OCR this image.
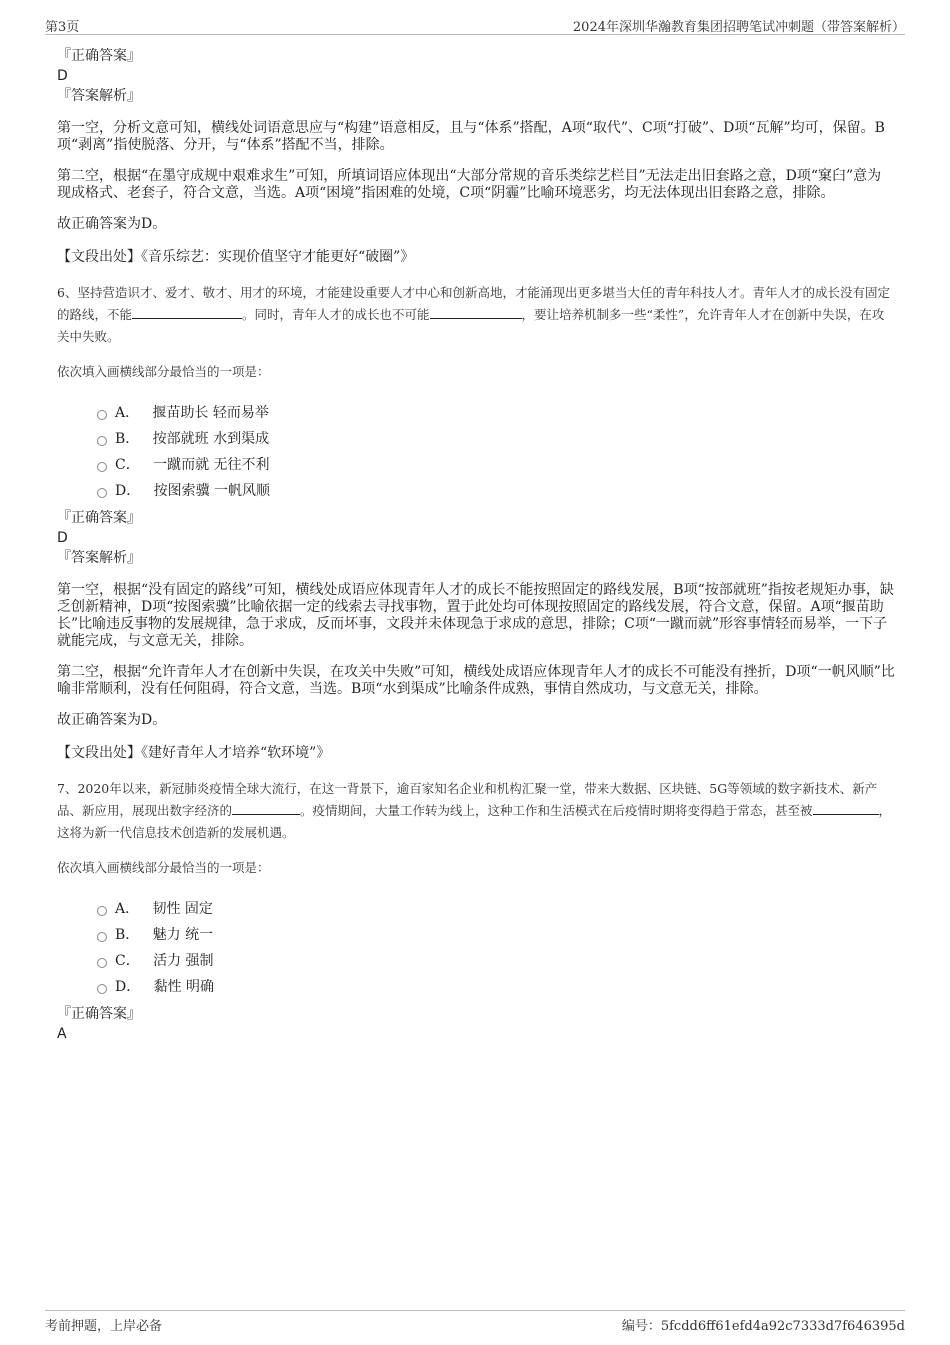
第3页	2024年深圳华瀚教育集团招聘笔试冲刺题（带答案解析）
『正确答案』
D
『答案解析』

第一空，分析文意可知，横线处词语意思应与“构建”语意相反，且与“体系”搭配，A项“取代”、C项“打破”、D项“瓦解”均可，保留。B项“剥离”指使脱落、分开，与“体系”搭配不当，排除。

第二空，根据“在墨守成规中艰难求生”可知，所填词语应体现出“大部分常规的音乐类综艺栏目”无法走出旧套路之意，D项“窠臼”意为现成格式、老套子，符合文意，当选。A项“困境”指困难的处境，C项“阴霾”比喻环境恶劣，均无法体现出旧套路之意，排除。

故正确答案为D。

【文段出处】《音乐综艺：实现价值坚守才能更好“破圈”》

6、坚持营造识才、爱才、敬才、用才的环境，才能建设重要人才中心和创新高地，才能涌现出更多堪当大任的青年科技人才。青年人才的成长没有固定的路线，不能	。同时，青年人才的成长也不可能	，要让培养机制多一些“柔性”，允许青年人才在创新中失误，在攻关中失败。

依次填入画横线部分最恰当的一项是：

A． 揠苗助长 轻而易举
B． 按部就班 水到渠成
C． 一蹴而就 无往不利
D． 按图索骥 一帆风顺
『正确答案』
D
『答案解析』

第一空，根据“没有固定的路线”可知，横线处成语应体现青年人才的成长不能按照固定的路线发展，B项“按部就班”指按老规矩办事，缺乏创新精神，D项“按图索骥”比喻依据一定的线索去寻找事物，置于此处均可体现按照固定的路线发展，符合文意，保留。A项“揠苗助长”比喻违反事物的发展规律，急于求成，反而坏事，文段并未体现急于求成的意思，排除；C项“一蹴而就”形容事情轻而易举，一下子就能完成，与文意无关，排除。

第二空，根据“允许青年人才在创新中失误，在攻关中失败”可知，横线处成语应体现青年人才的成长不可能没有挫折，D项“一帆风顺”比喻非常顺利，没有任何阻碍，符合文意，当选。B项“水到渠成”比喻条件成熟，事情自然成功，与文意无关，排除。

故正确答案为D。

【文段出处】《建好青年人才培养“软环境”》

7、2020年以来，新冠肺炎疫情全球大流行，在这一背景下，逾百家知名企业和机构汇聚一堂，带来大数据、区块链、5G等领域的数字新技术、新产品、新应用，展现出数字经济的	。疫情期间，大量工作转为线上，这种工作和生活模式在后疫情时期将变得趋于常态，甚至被	，这将为新一代信息技术创造新的发展机遇。

依次填入画横线部分最恰当的一项是：

A． 韧性 固定
B． 魅力 统一
C． 活力 强制
D． 黏性 明确
『正确答案』
A
考前押题，上岸必备	编号：5fcdd6ff61efd4a92c7333d7f646395d
